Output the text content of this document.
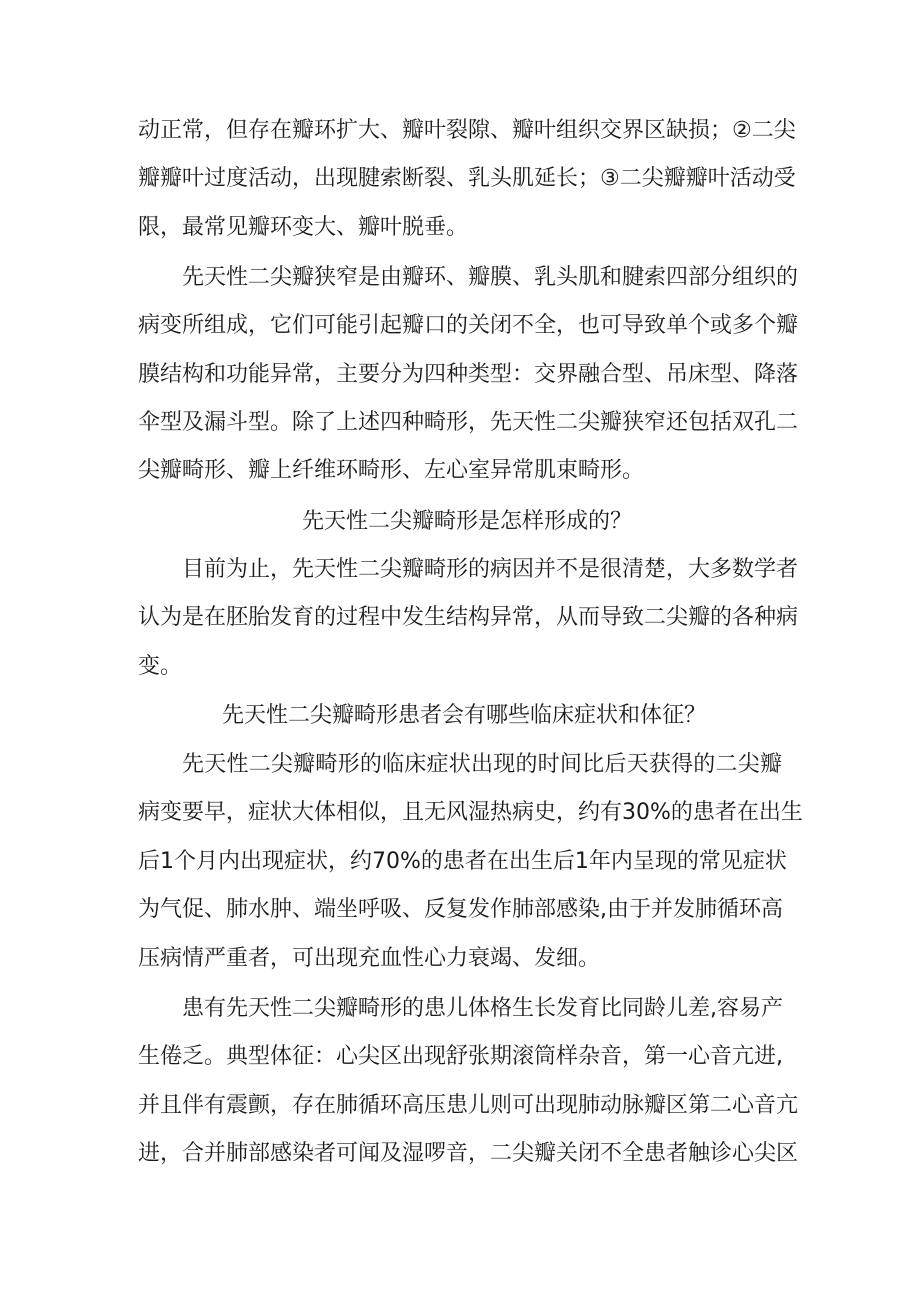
动正常，但存在瓣环扩大、瓣叶裂隙、瓣叶组织交界区缺损；②二尖
瓣瓣叶过度活动，出现腱索断裂、乳头肌延长；③二尖瓣瓣叶活动受
限，最常见瓣环变大、瓣叶脱垂。
先天性二尖瓣狭窄是由瓣环、瓣膜、乳头肌和腱索四部分组织的
病变所组成，它们可能引起瓣口的关闭不全，也可导致单个或多个瓣
膜结构和功能异常，主要分为四种类型：交界融合型、吊床型、降落
伞型及漏斗型。除了上述四种畸形，先天性二尖瓣狭窄还包括双孔二
尖瓣畸形、瓣上纤维环畸形、左心室异常肌束畸形。
先天性二尖瓣畸形是怎样形成的？
目前为止，先天性二尖瓣畸形的病因并不是很清楚，大多数学者
认为是在胚胎发育的过程中发生结构异常，从而导致二尖瓣的各种病
变。
先天性二尖瓣畸形患者会有哪些临床症状和体征？
先天性二尖瓣畸形的临床症状出现的时间比后天获得的二尖瓣
病变要早，症状大体相似，且无风湿热病史，约有30%的患者在出生
后1个月内出现症状，约70%的患者在出生后1年内呈现的常见症状
为气促、肺水肿、端坐呼吸、反复发作肺部感染,由于并发肺循环高
压病情严重者，可出现充血性心力衰竭、发细。
患有先天性二尖瓣畸形的患儿体格生长发育比同龄儿差,容易产
生倦乏。典型体征：心尖区出现舒张期滚筒样杂音，第一心音亢进,
并且伴有震颤，存在肺循环高压患儿则可出现肺动脉瓣区第二心音亢
进，合并肺部感染者可闻及湿啰音，二尖瓣关闭不全患者触诊心尖区
